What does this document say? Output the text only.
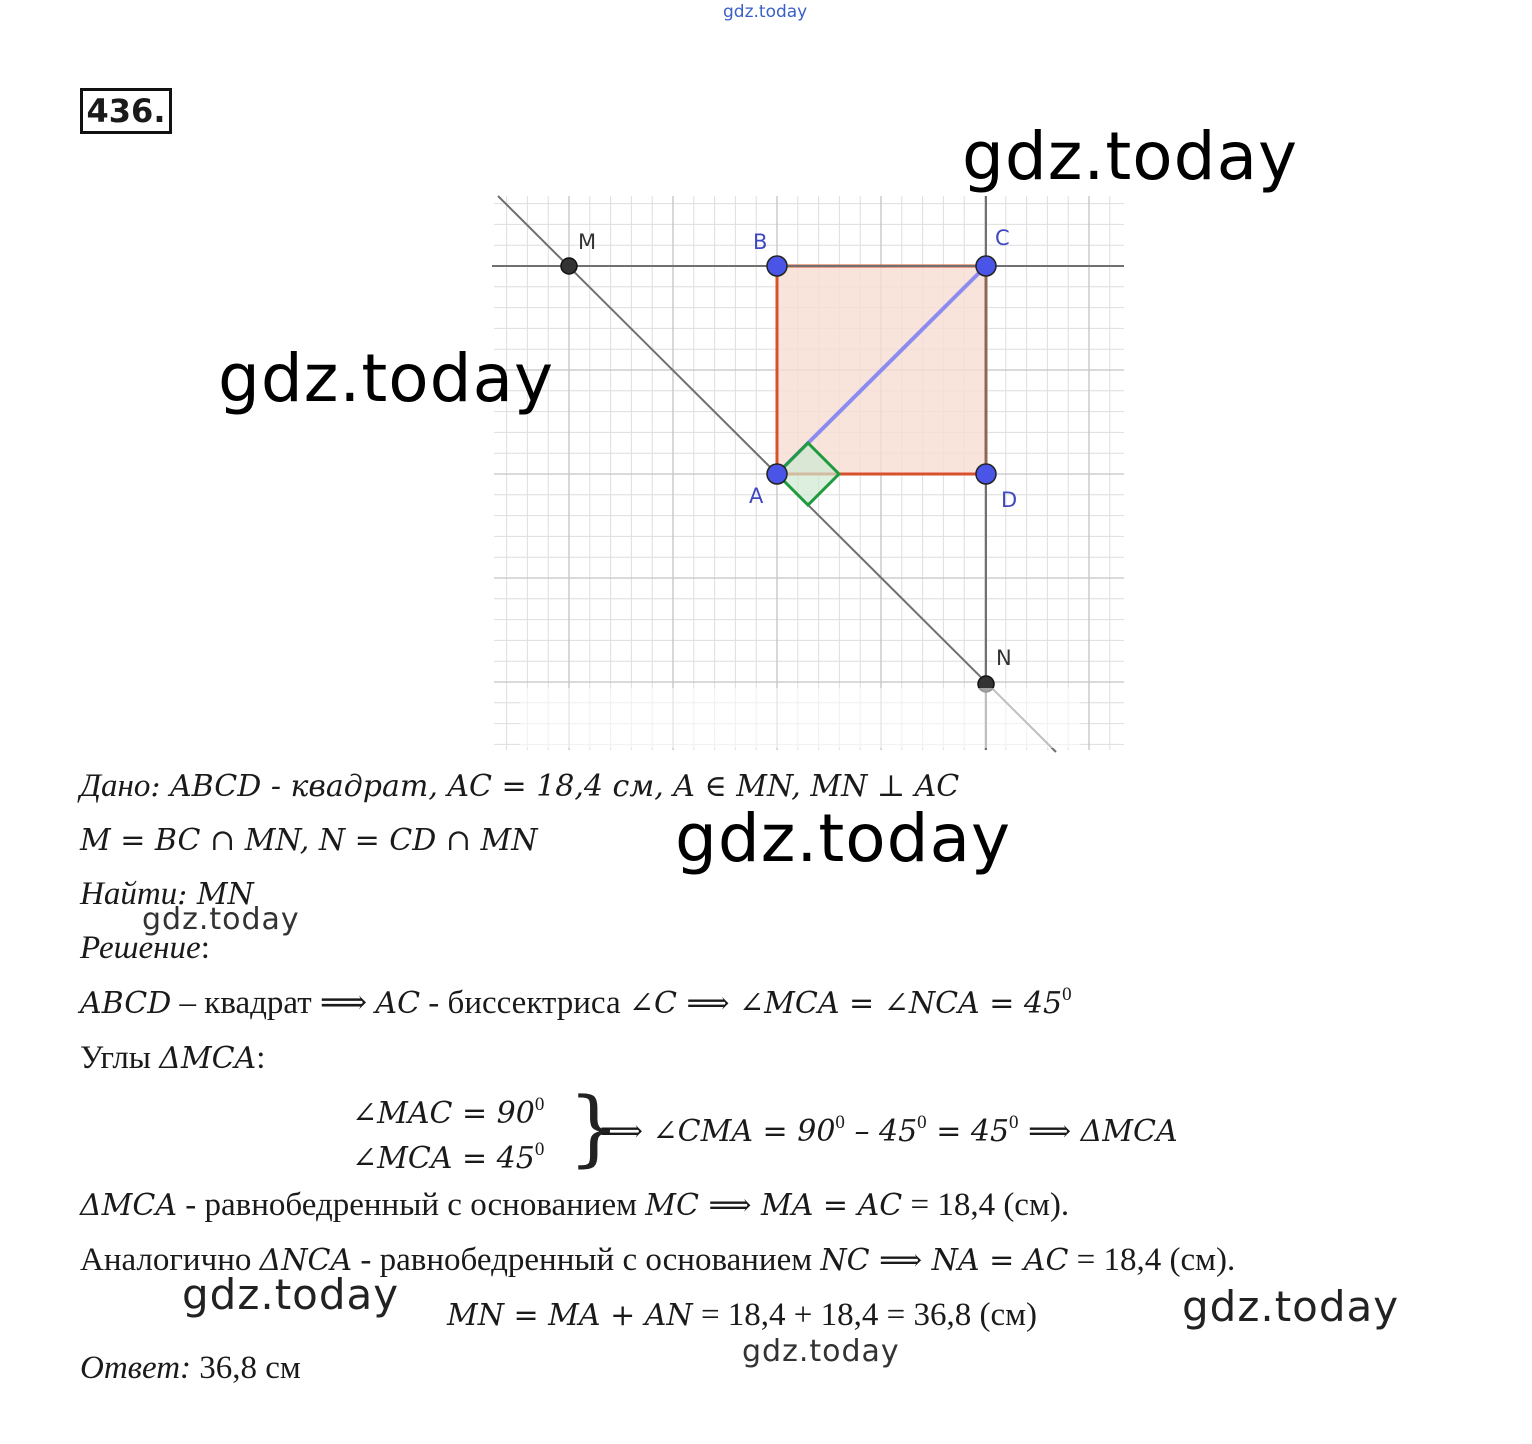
gdz.today
436.
M	B	C
A	D
N
gdz.today
gdz.today
Дано: ABCD - квадрат, AC = 18,4 см, A ∈ MN, MN ⊥ AC
M = BC ∩ MN, N = CD ∩ MN gdz.today
Найти: MN
gdz.today
Решение:
ABCD – квадрат ⟹ AC - биссектриса ∠C ⟹ ∠MCA = ∠NCA = $45^0$
Углы ΔMCA:
∠MAC = $90^0$
∠MCA = $45^0$ }
⟹ ∠CMA = $90^0 - 45^0 = 45^0$ ⟹ ΔMCA
ΔMCA - равнобедренный с основанием MC ⟹ MA = AC = 18,4 (см).
Аналогично ΔNCA - равнобедренный с основанием NC ⟹ NA = AC = 18,4 (см).
gdz.today MN = MA + AN = 18,4 + 18,4 = 36,8 (см)	gdz.today
gdz.today
Ответ: 36,8 см
